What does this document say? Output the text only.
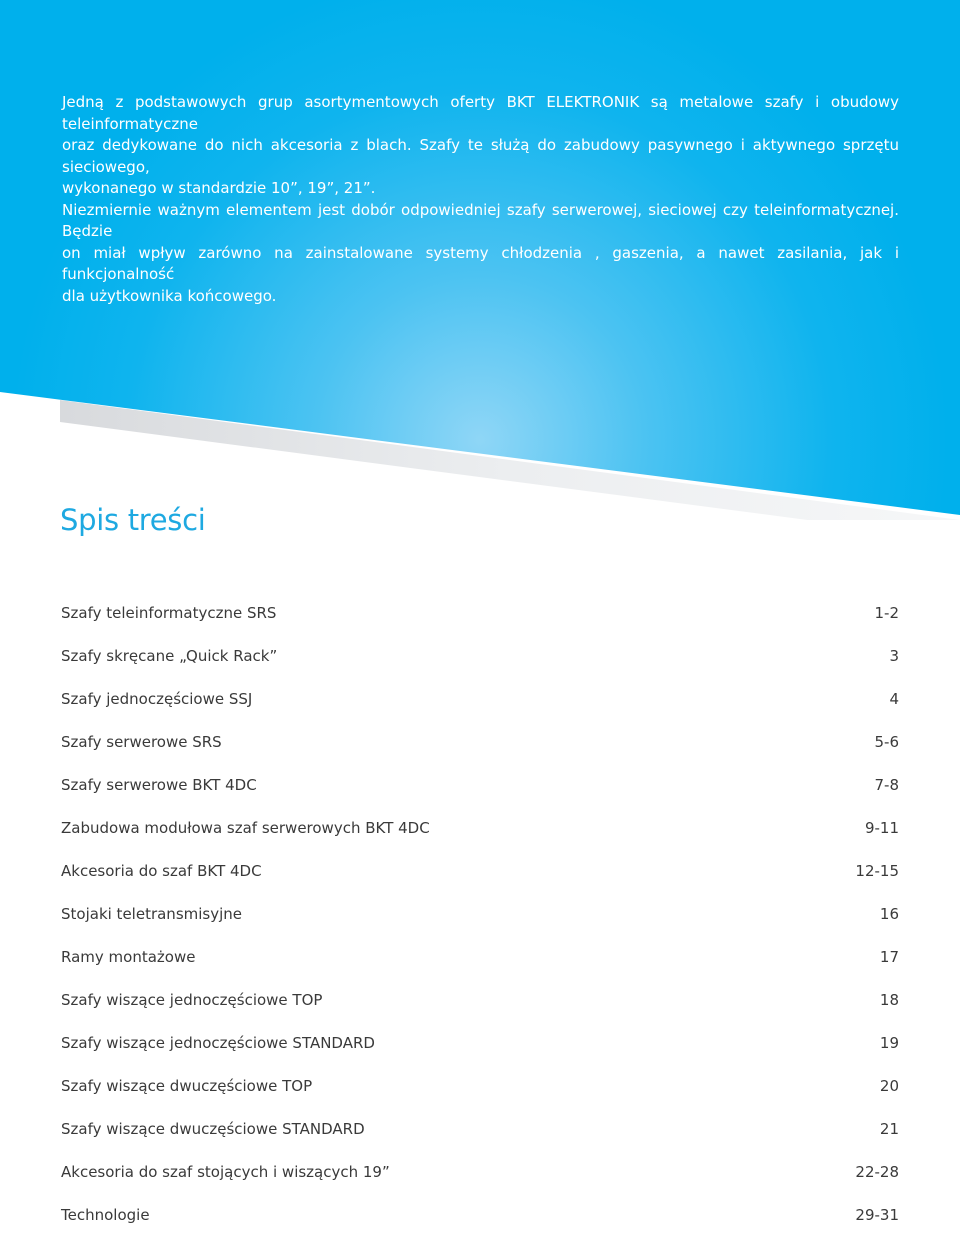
Jedną z podstawowych grup asortymentowych oferty BKT ELEKTRONIK są metalowe szafy i obudowy teleinformatyczne
oraz dedykowane do nich akcesoria z blach. Szafy te służą do zabudowy pasywnego i aktywnego sprzętu sieciowego,
wykonanego w standardzie 10”, 19”, 21”.

Niezmiernie ważnym elementem jest dobór odpowiedniej szafy serwerowej, sieciowej czy teleinformatycznej. Będzie
on miał wpływ zarówno na zainstalowane systemy chłodzenia , gaszenia, a nawet zasilania, jak i funkcjonalność
dla użytkownika końcowego.

Spis treści
Szafy teleinformatyczne SRS	1-2
Szafy skręcane „Quick Rack”	3
Szafy jednoczęściowe SSJ	4
Szafy serwerowe SRS	5-6
Szafy serwerowe BKT 4DC	7-8
Zabudowa modułowa szaf serwerowych BKT 4DC	9-11
Akcesoria do szaf BKT 4DC	12-15
Stojaki teletransmisyjne	16
Ramy montażowe	17
Szafy wiszące jednoczęściowe TOP	18
Szafy wiszące jednoczęściowe STANDARD	19
Szafy wiszące dwuczęściowe TOP	20
Szafy wiszące dwuczęściowe STANDARD	21
Akcesoria do szaf stojących i wiszących 19”	22-28
Technologie	29-31
